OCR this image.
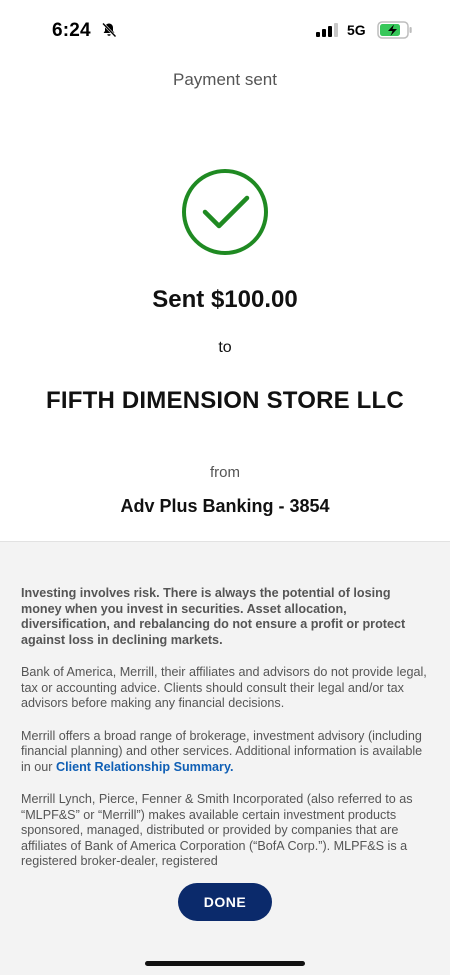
6:24	5G
Payment sent
Sent $100.00
to
FIFTH DIMENSION STORE LLC
from
Adv Plus Banking - 3854

Investing involves risk. There is always the potential of losing money when you invest in securities. Asset allocation, diversification, and rebalancing do not ensure a profit or protect against loss in declining markets.

Bank of America, Merrill, their affiliates and advisors do not provide legal, tax or accounting advice. Clients should consult their legal and/or tax advisors before making any financial decisions.

Merrill offers a broad range of brokerage, investment advisory (including financial planning) and other services. Additional information is available in our Client Relationship Summary.

Merrill Lynch, Pierce, Fenner & Smith Incorporated (also referred to as “MLPF&S” or “Merrill”) makes available certain investment products sponsored, managed, distributed or provided by companies that are affiliates of Bank of America Corporation (“BofA Corp.”). MLPF&S is a registered broker-dealer, registered

DONE
